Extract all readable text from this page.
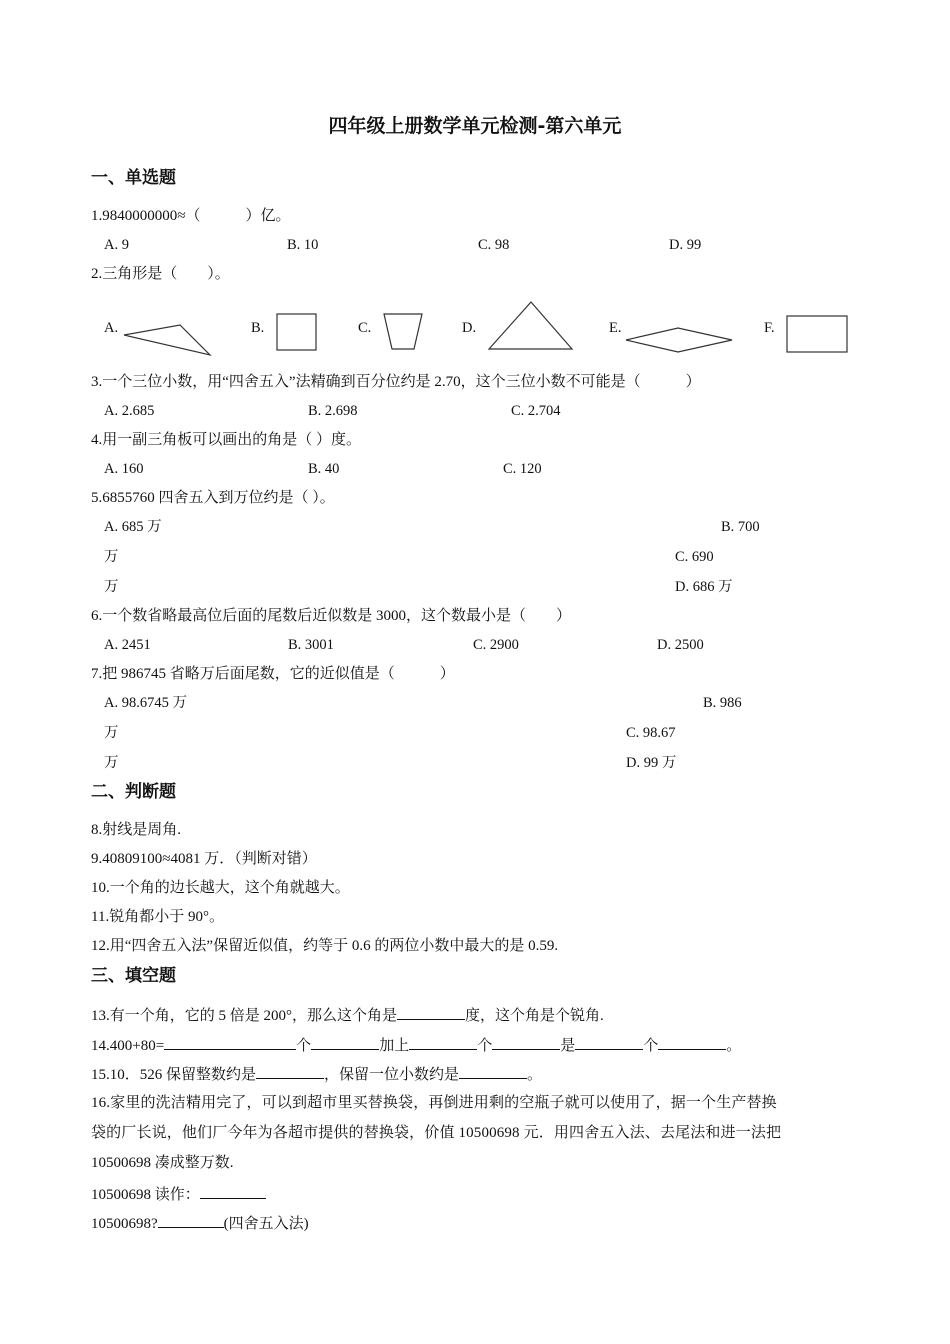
四年级上册数学单元检测-第六单元
一、单选题
1.9840000000≈（　　　）亿。
A. 9	B. 10	C. 98	D. 99
2.三角形是（　　）。
A.	B.	C.	D.	E.	F.
3.一个三位小数，用“四舍五入”法精确到百分位约是 2.70，这个三位小数不可能是（　　　）
A. 2.685	B. 2.698	C. 2.704
4.用一副三角板可以画出的角是（ ）度。
A. 160	B. 40	C. 120
5.6855760 四舍五入到万位约是（ ）。
A. 685 万	B. 700
万	C. 690
万	D. 686 万
6.一个数省略最高位后面的尾数后近似数是 3000，这个数最小是（　　）
A. 2451	B. 3001	C. 2900	D. 2500
7.把 986745 省略万后面尾数，它的近似值是（　　　）
A. 98.6745 万	B. 986
万	C. 98.67
万	D. 99 万
二、判断题
8.射线是周角.
9.40809100≈4081 万．（判断对错）
10.一个角的边长越大，这个角就越大。
11.锐角都小于 90°。
12.用“四舍五入法”保留近似值，约等于 0.6 的两位小数中最大的是 0.59.
三、填空题
13.有一个角，它的 5 倍是 200°，那么这个角是	度，这个角是个锐角.
14.400+80=	个	加上	个	是	个	。
15.10．526 保留整数约是	，保留一位小数约是	。
16.家里的洗洁精用完了，可以到超市里买替换袋，再倒进用剩的空瓶子就可以使用了，据一个生产替换
袋的厂长说，他们厂今年为各超市提供的替换袋，价值 10500698 元．用四舍五入法、去尾法和进一法把
10500698 凑成整万数.
10500698 读作：
10500698?	(四舍五入法)
